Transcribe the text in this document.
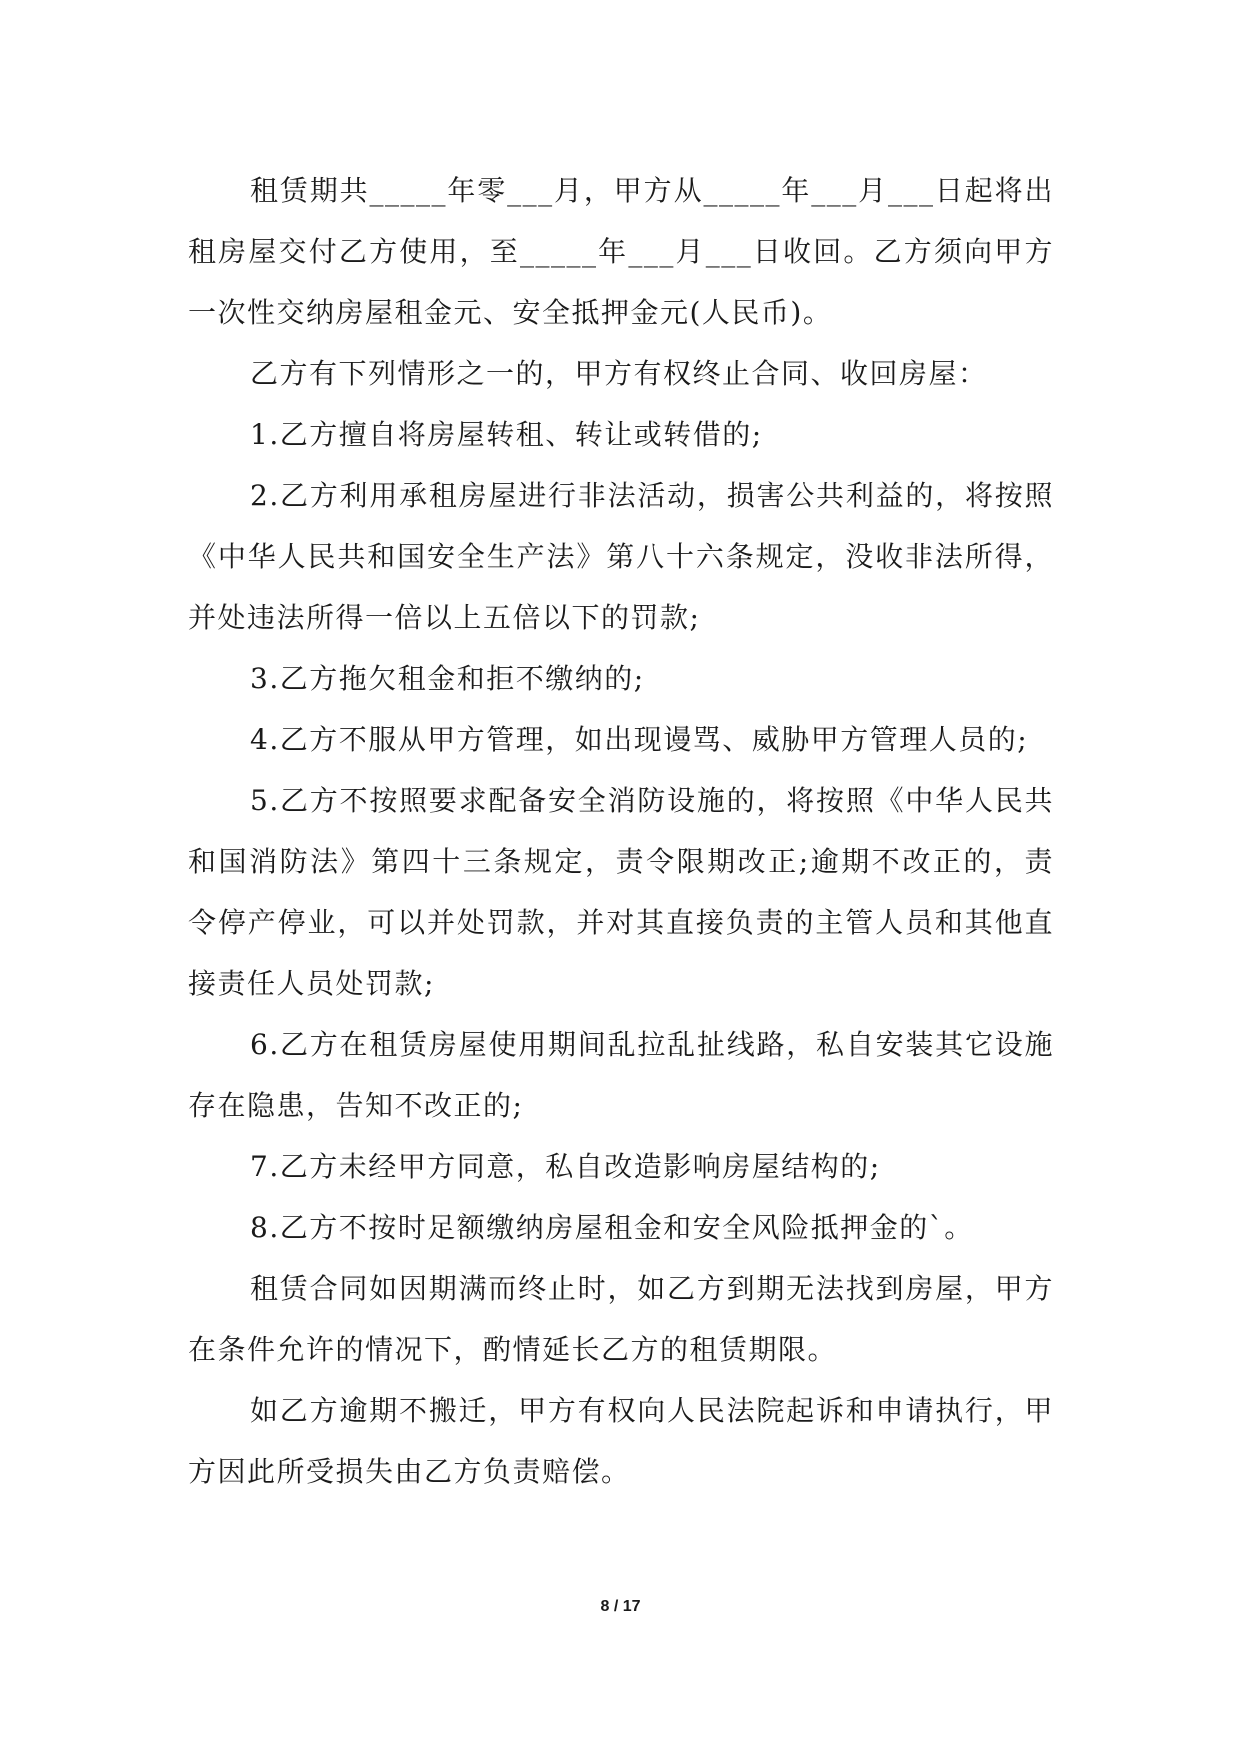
租赁期共_____年零___月，甲方从_____年___月___日起将出租房屋交付乙方使用，至_____年___月___日收回。乙方须向甲方一次性交纳房屋租金元、安全抵押金元(人民币)。

乙方有下列情形之一的，甲方有权终止合同、收回房屋：

1.乙方擅自将房屋转租、转让或转借的;

2.乙方利用承租房屋进行非法活动，损害公共利益的，将按照《中华人民共和国安全生产法》第八十六条规定，没收非法所得，并处违法所得一倍以上五倍以下的罚款;

3.乙方拖欠租金和拒不缴纳的;

4.乙方不服从甲方管理，如出现谩骂、威胁甲方管理人员的;

5.乙方不按照要求配备安全消防设施的，将按照《中华人民共和国消防法》第四十三条规定，责令限期改正;逾期不改正的，责令停产停业，可以并处罚款，并对其直接负责的主管人员和其他直接责任人员处罚款;

6.乙方在租赁房屋使用期间乱拉乱扯线路，私自安装其它设施存在隐患，告知不改正的;

7.乙方未经甲方同意，私自改造影响房屋结构的;

8.乙方不按时足额缴纳房屋租金和安全风险抵押金的`。

租赁合同如因期满而终止时，如乙方到期无法找到房屋，甲方在条件允许的情况下，酌情延长乙方的租赁期限。

如乙方逾期不搬迁，甲方有权向人民法院起诉和申请执行，甲方因此所受损失由乙方负责赔偿。

8 / 17
